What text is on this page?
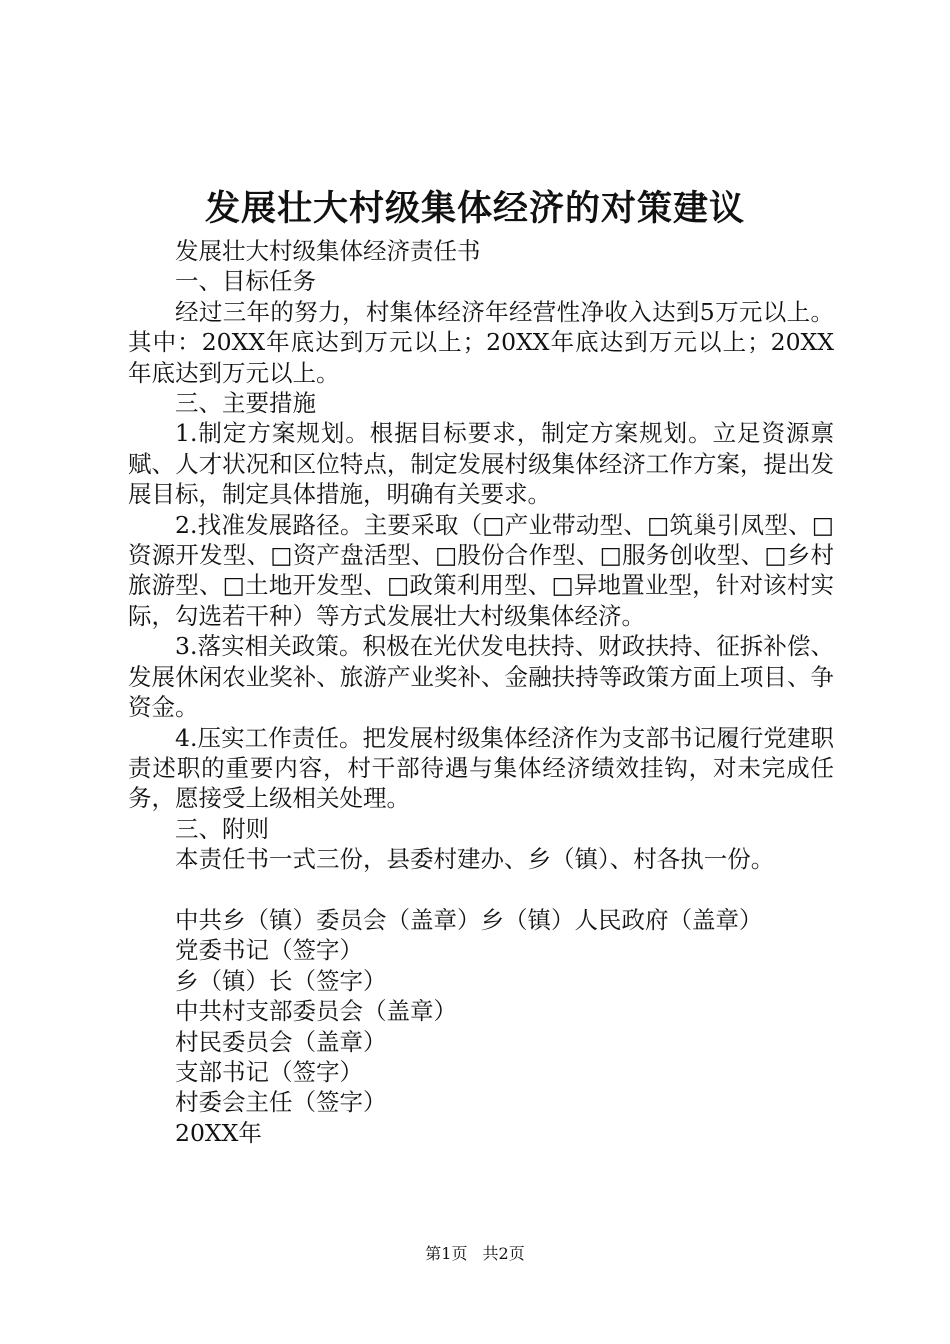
发展壮大村级集体经济的对策建议

发展壮大村级集体经济责任书

一、目标任务

经过三年的努力，村集体经济年经营性净收入达到5万元以上。其中：20XX年底达到万元以上；20XX年底达到万元以上；20XX年底达到万元以上。

三、主要措施

1.制定方案规划。根据目标要求，制定方案规划。立足资源禀赋、人才状况和区位特点，制定发展村级集体经济工作方案，提出发展目标，制定具体措施，明确有关要求。

2.找准发展路径。主要采取（□产业带动型、□筑巢引凤型、□资源开发型、□资产盘活型、□股份合作型、□服务创收型、□乡村旅游型、□土地开发型、□政策利用型、□异地置业型，针对该村实际，勾选若干种）等方式发展壮大村级集体经济。

3.落实相关政策。积极在光伏发电扶持、财政扶持、征拆补偿、发展休闲农业奖补、旅游产业奖补、金融扶持等政策方面上项目、争资金。

4.压实工作责任。把发展村级集体经济作为支部书记履行党建职责述职的重要内容，村干部待遇与集体经济绩效挂钩，对未完成任务，愿接受上级相关处理。

三、附则

本责任书一式三份，县委村建办、乡（镇）、村各执一份。

中共乡（镇）委员会（盖章）乡（镇）人民政府（盖章）

党委书记（签字）

乡（镇）长（签字）

中共村支部委员会（盖章）

村民委员会（盖章）

支部书记（签字）

村委会主任（签字）

20XX年

第1页 共2页
